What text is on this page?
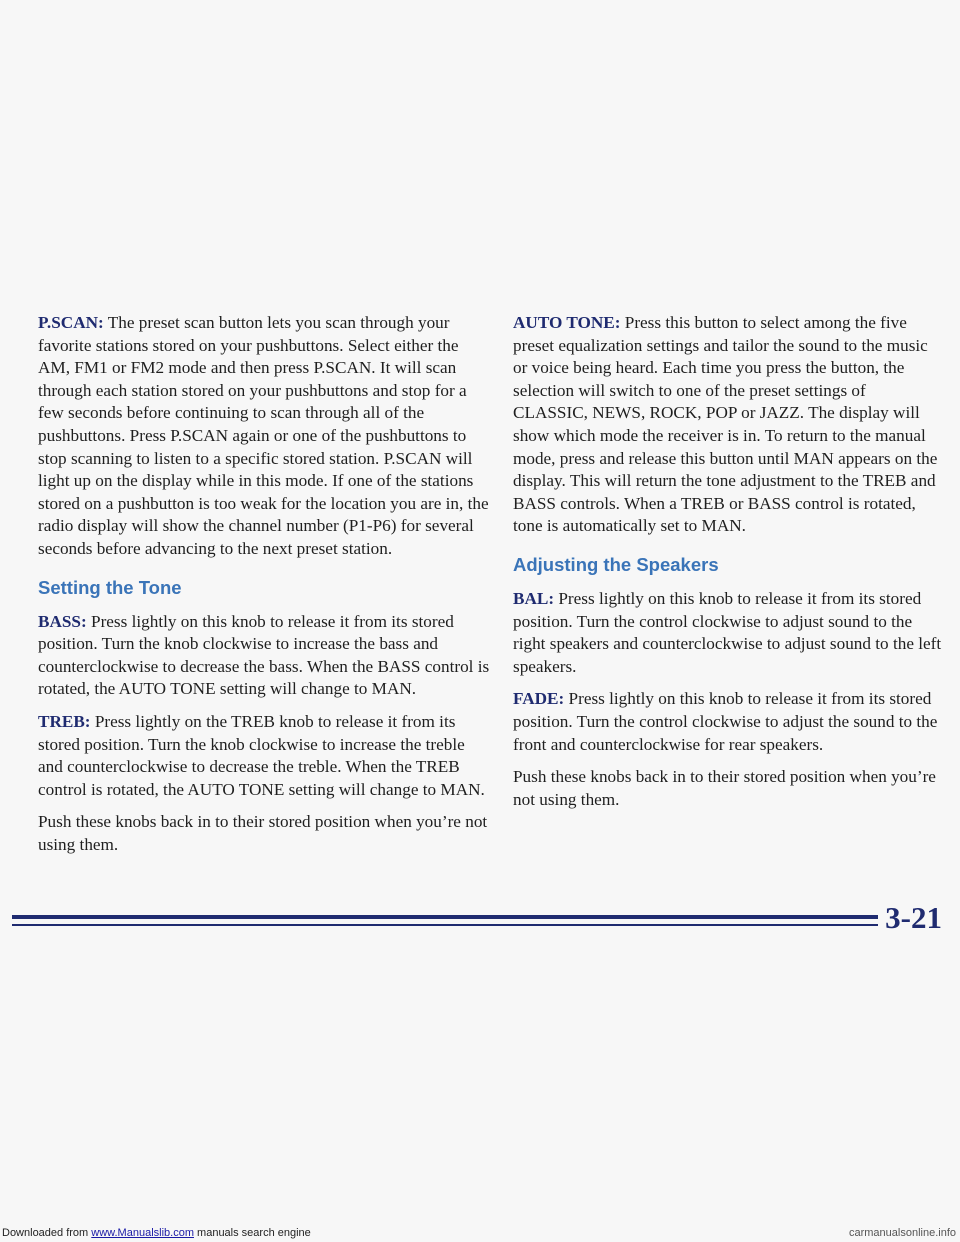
P.SCAN: The preset scan button lets you scan through your favorite stations stored on your pushbuttons. Select either the AM, FM1 or FM2 mode and then press P.SCAN. It will scan through each station stored on your pushbuttons and stop for a few seconds before continuing to scan through all of the pushbuttons. Press P.SCAN again or one of the pushbuttons to stop scanning to listen to a specific stored station. P.SCAN will light up on the display while in this mode. If one of the stations stored on a pushbutton is too weak for the location you are in, the radio display will show the channel number (P1-P6) for several seconds before advancing to the next preset station.

Setting the Tone

BASS: Press lightly on this knob to release it from its stored position. Turn the knob clockwise to increase the bass and counterclockwise to decrease the bass. When the BASS control is rotated, the AUTO TONE setting will change to MAN.

TREB: Press lightly on the TREB knob to release it from its stored position. Turn the knob clockwise to increase the treble and counterclockwise to decrease the treble. When the TREB control is rotated, the AUTO TONE setting will change to MAN.

Push these knobs back in to their stored position when you’re not using them.

AUTO TONE: Press this button to select among the five preset equalization settings and tailor the sound to the music or voice being heard. Each time you press the button, the selection will switch to one of the preset settings of CLASSIC, NEWS, ROCK, POP or JAZZ. The display will show which mode the receiver is in. To return to the manual mode, press and release this button until MAN appears on the display. This will return the tone adjustment to the TREB and BASS controls. When a TREB or BASS control is rotated, tone is automatically set to MAN.

Adjusting the Speakers

BAL: Press lightly on this knob to release it from its stored position. Turn the control clockwise to adjust sound to the right speakers and counterclockwise to adjust sound to the left speakers.

FADE: Press lightly on this knob to release it from its stored position. Turn the control clockwise to adjust the sound to the front and counterclockwise for rear speakers.

Push these knobs back in to their stored position when you’re not using them.

3-21
Downloaded from www.Manualslib.com manuals search engine	carmanualsonline.info
